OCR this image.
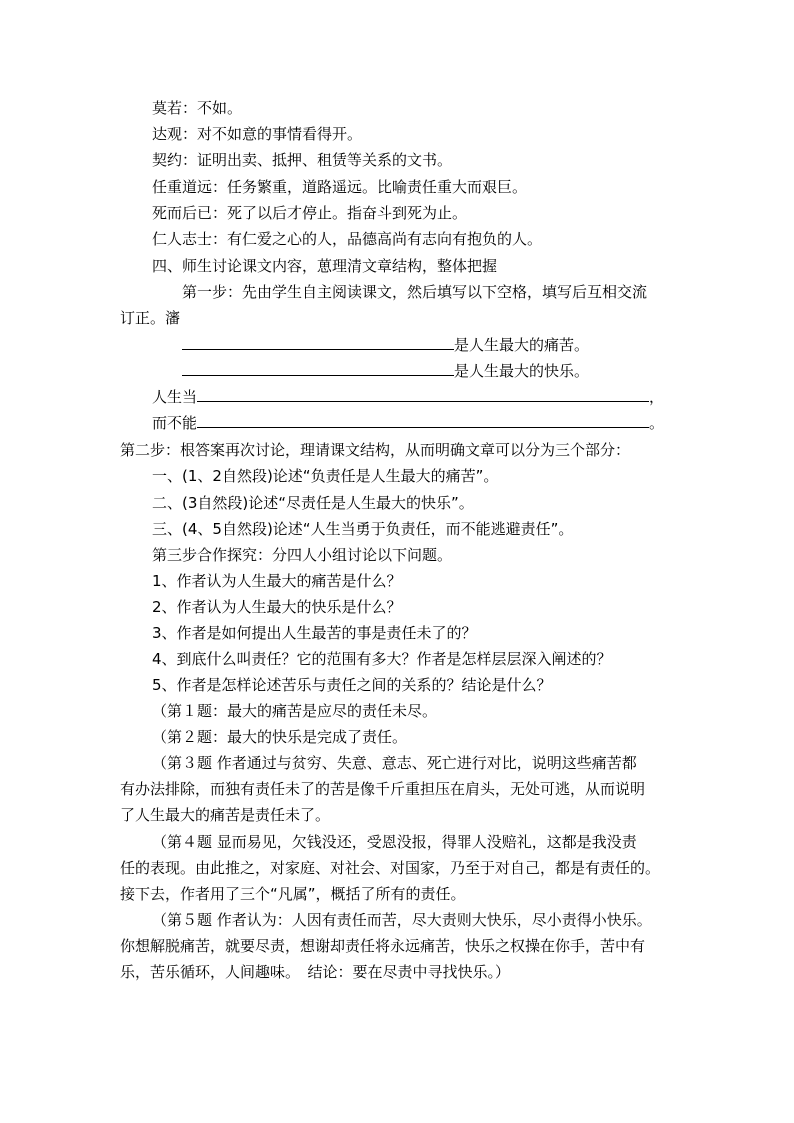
莫若：不如。
达观：对不如意的事情看得开。
契约：证明出卖、抵押、租赁等关系的文书。
任重道远：任务繁重，道路遥远。比喻责任重大而艰巨。
死而后已：死了以后才停止。指奋斗到死为止。
仁人志士：有仁爱之心的人，品德高尚有志向有抱负的人。
四、师生讨论课文内容，葸理清文章结构，整体把握
第一步：先由学生自主阅读课文，然后填写以下空格，填写后互相交流
订正。瀋
是人生最大的痛苦。
是人生最大的快乐。
人生当	，
而不能	。
第二步：根答案再次讨论，理请课文结构，从而明确文章可以分为三个部分：
一、(1、2自然段)论述“负责任是人生最大的痛苦”。
二、(3自然段)论述“尽责任是人生最大的快乐”。
三、(4、5自然段)论述“人生当勇于负责任，而不能逃避责任”。
第三步合作探究：分四人小组讨论以下问题。
1、作者认为人生最大的痛苦是什么？
2、作者认为人生最大的快乐是什么？
3、作者是如何提出人生最苦的事是责任未了的？
4、到底什么叫责任？它的范围有多大？作者是怎样层层深入阐述的？
5、作者是怎样论述苦乐与责任之间的关系的？结论是什么？
（第１题：最大的痛苦是应尽的责任未尽。
（第２题：最大的快乐是完成了责任。
（第３题 作者通过与贫穷、失意、意志、死亡进行对比，说明这些痛苦都
有办法排除，而独有责任未了的苦是像千斤重担压在肩头，无处可逃，从而说明
了人生最大的痛苦是责任未了。
（第４题 显而易见，欠钱没还，受恩没报，得罪人没赔礼，这都是我没责
任的表现。由此推之，对家庭、对社会、对国家，乃至于对自己，都是有责任的。
接下去，作者用了三个“凡属”，概括了所有的责任。
（第５题 作者认为：人因有责任而苦，尽大责则大快乐，尽小责得小快乐。
你想解脱痛苦，就要尽责，想谢却责任将永远痛苦，快乐之权操在你手，苦中有
乐，苦乐循环，人间趣味。　结论：要在尽责中寻找快乐。）
